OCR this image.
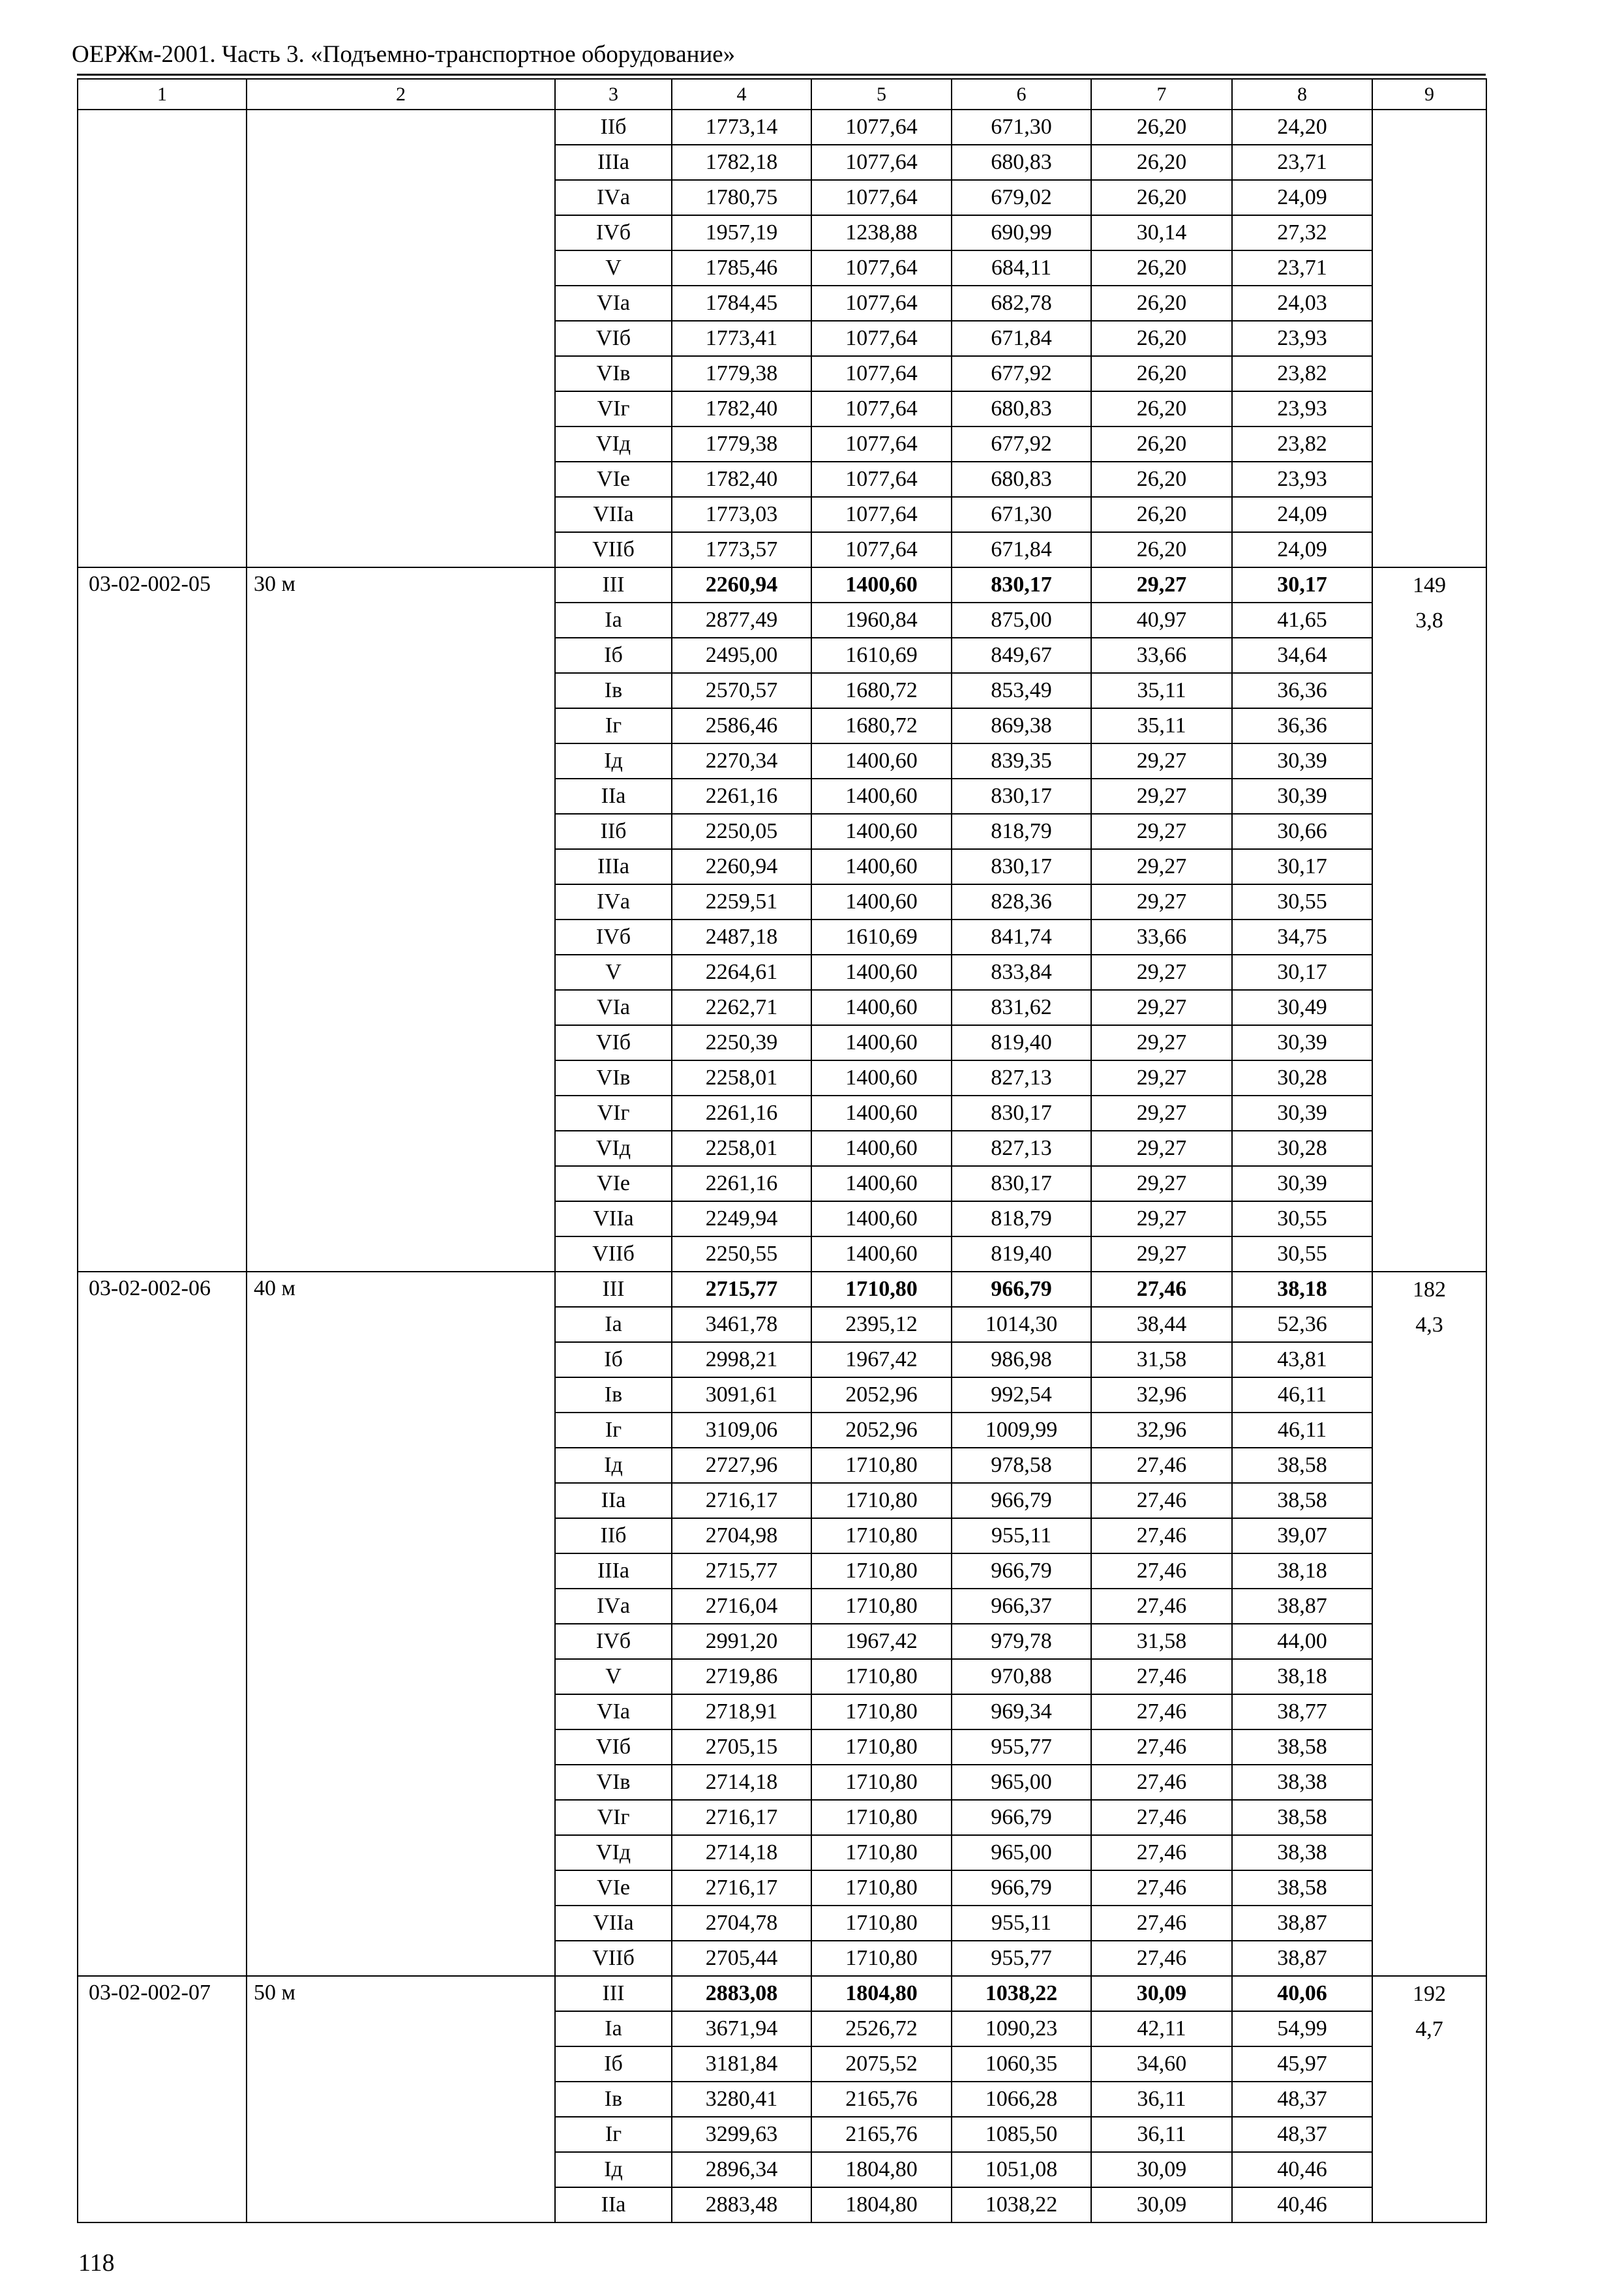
ОЕРЖм-2001. Часть 3. «Подъемно-транспортное оборудование»
1	2	3	4	5	6	7	8	9
		IIб	1773,14	1077,64	671,30	26,20	24,20	
		IIIа	1782,18	1077,64	680,83	26,20	23,71	
		IVа	1780,75	1077,64	679,02	26,20	24,09	
		IVб	1957,19	1238,88	690,99	30,14	27,32	
		V	1785,46	1077,64	684,11	26,20	23,71	
		VIа	1784,45	1077,64	682,78	26,20	24,03	
		VIб	1773,41	1077,64	671,84	26,20	23,93	
		VIв	1779,38	1077,64	677,92	26,20	23,82	
		VIг	1782,40	1077,64	680,83	26,20	23,93	
		VIд	1779,38	1077,64	677,92	26,20	23,82	
		VIе	1782,40	1077,64	680,83	26,20	23,93	
		VIIа	1773,03	1077,64	671,30	26,20	24,09	
		VIIб	1773,57	1077,64	671,84	26,20	24,09	
03-02-002-05	30 м	III	2260,94	1400,60	830,17	29,27	30,17	149
3,8

		Iа	2877,49	1960,84	875,00	40,97	41,65	
		Iб	2495,00	1610,69	849,67	33,66	34,64	
		Iв	2570,57	1680,72	853,49	35,11	36,36	
		Iг	2586,46	1680,72	869,38	35,11	36,36	
		Iд	2270,34	1400,60	839,35	29,27	30,39	
		IIа	2261,16	1400,60	830,17	29,27	30,39	
		IIб	2250,05	1400,60	818,79	29,27	30,66	
		IIIа	2260,94	1400,60	830,17	29,27	30,17	
		IVа	2259,51	1400,60	828,36	29,27	30,55	
		IVб	2487,18	1610,69	841,74	33,66	34,75	
		V	2264,61	1400,60	833,84	29,27	30,17	
		VIа	2262,71	1400,60	831,62	29,27	30,49	
		VIб	2250,39	1400,60	819,40	29,27	30,39	
		VIв	2258,01	1400,60	827,13	29,27	30,28	
		VIг	2261,16	1400,60	830,17	29,27	30,39	
		VIд	2258,01	1400,60	827,13	29,27	30,28	
		VIе	2261,16	1400,60	830,17	29,27	30,39	
		VIIа	2249,94	1400,60	818,79	29,27	30,55	
		VIIб	2250,55	1400,60	819,40	29,27	30,55	
03-02-002-06	40 м	III	2715,77	1710,80	966,79	27,46	38,18	182
4,3

		Iа	3461,78	2395,12	1014,30	38,44	52,36	
		Iб	2998,21	1967,42	986,98	31,58	43,81	
		Iв	3091,61	2052,96	992,54	32,96	46,11	
		Iг	3109,06	2052,96	1009,99	32,96	46,11	
		Iд	2727,96	1710,80	978,58	27,46	38,58	
		IIа	2716,17	1710,80	966,79	27,46	38,58	
		IIб	2704,98	1710,80	955,11	27,46	39,07	
		IIIа	2715,77	1710,80	966,79	27,46	38,18	
		IVа	2716,04	1710,80	966,37	27,46	38,87	
		IVб	2991,20	1967,42	979,78	31,58	44,00	
		V	2719,86	1710,80	970,88	27,46	38,18	
		VIа	2718,91	1710,80	969,34	27,46	38,77	
		VIб	2705,15	1710,80	955,77	27,46	38,58	
		VIв	2714,18	1710,80	965,00	27,46	38,38	
		VIг	2716,17	1710,80	966,79	27,46	38,58	
		VIд	2714,18	1710,80	965,00	27,46	38,38	
		VIе	2716,17	1710,80	966,79	27,46	38,58	
		VIIа	2704,78	1710,80	955,11	27,46	38,87	
		VIIб	2705,44	1710,80	955,77	27,46	38,87	
03-02-002-07	50 м	III	2883,08	1804,80	1038,22	30,09	40,06	192
4,7

		Iа	3671,94	2526,72	1090,23	42,11	54,99	
		Iб	3181,84	2075,52	1060,35	34,60	45,97	
		Iв	3280,41	2165,76	1066,28	36,11	48,37	
		Iг	3299,63	2165,76	1085,50	36,11	48,37	
		Iд	2896,34	1804,80	1051,08	30,09	40,46	
		IIа	2883,48	1804,80	1038,22	30,09	40,46	
118
